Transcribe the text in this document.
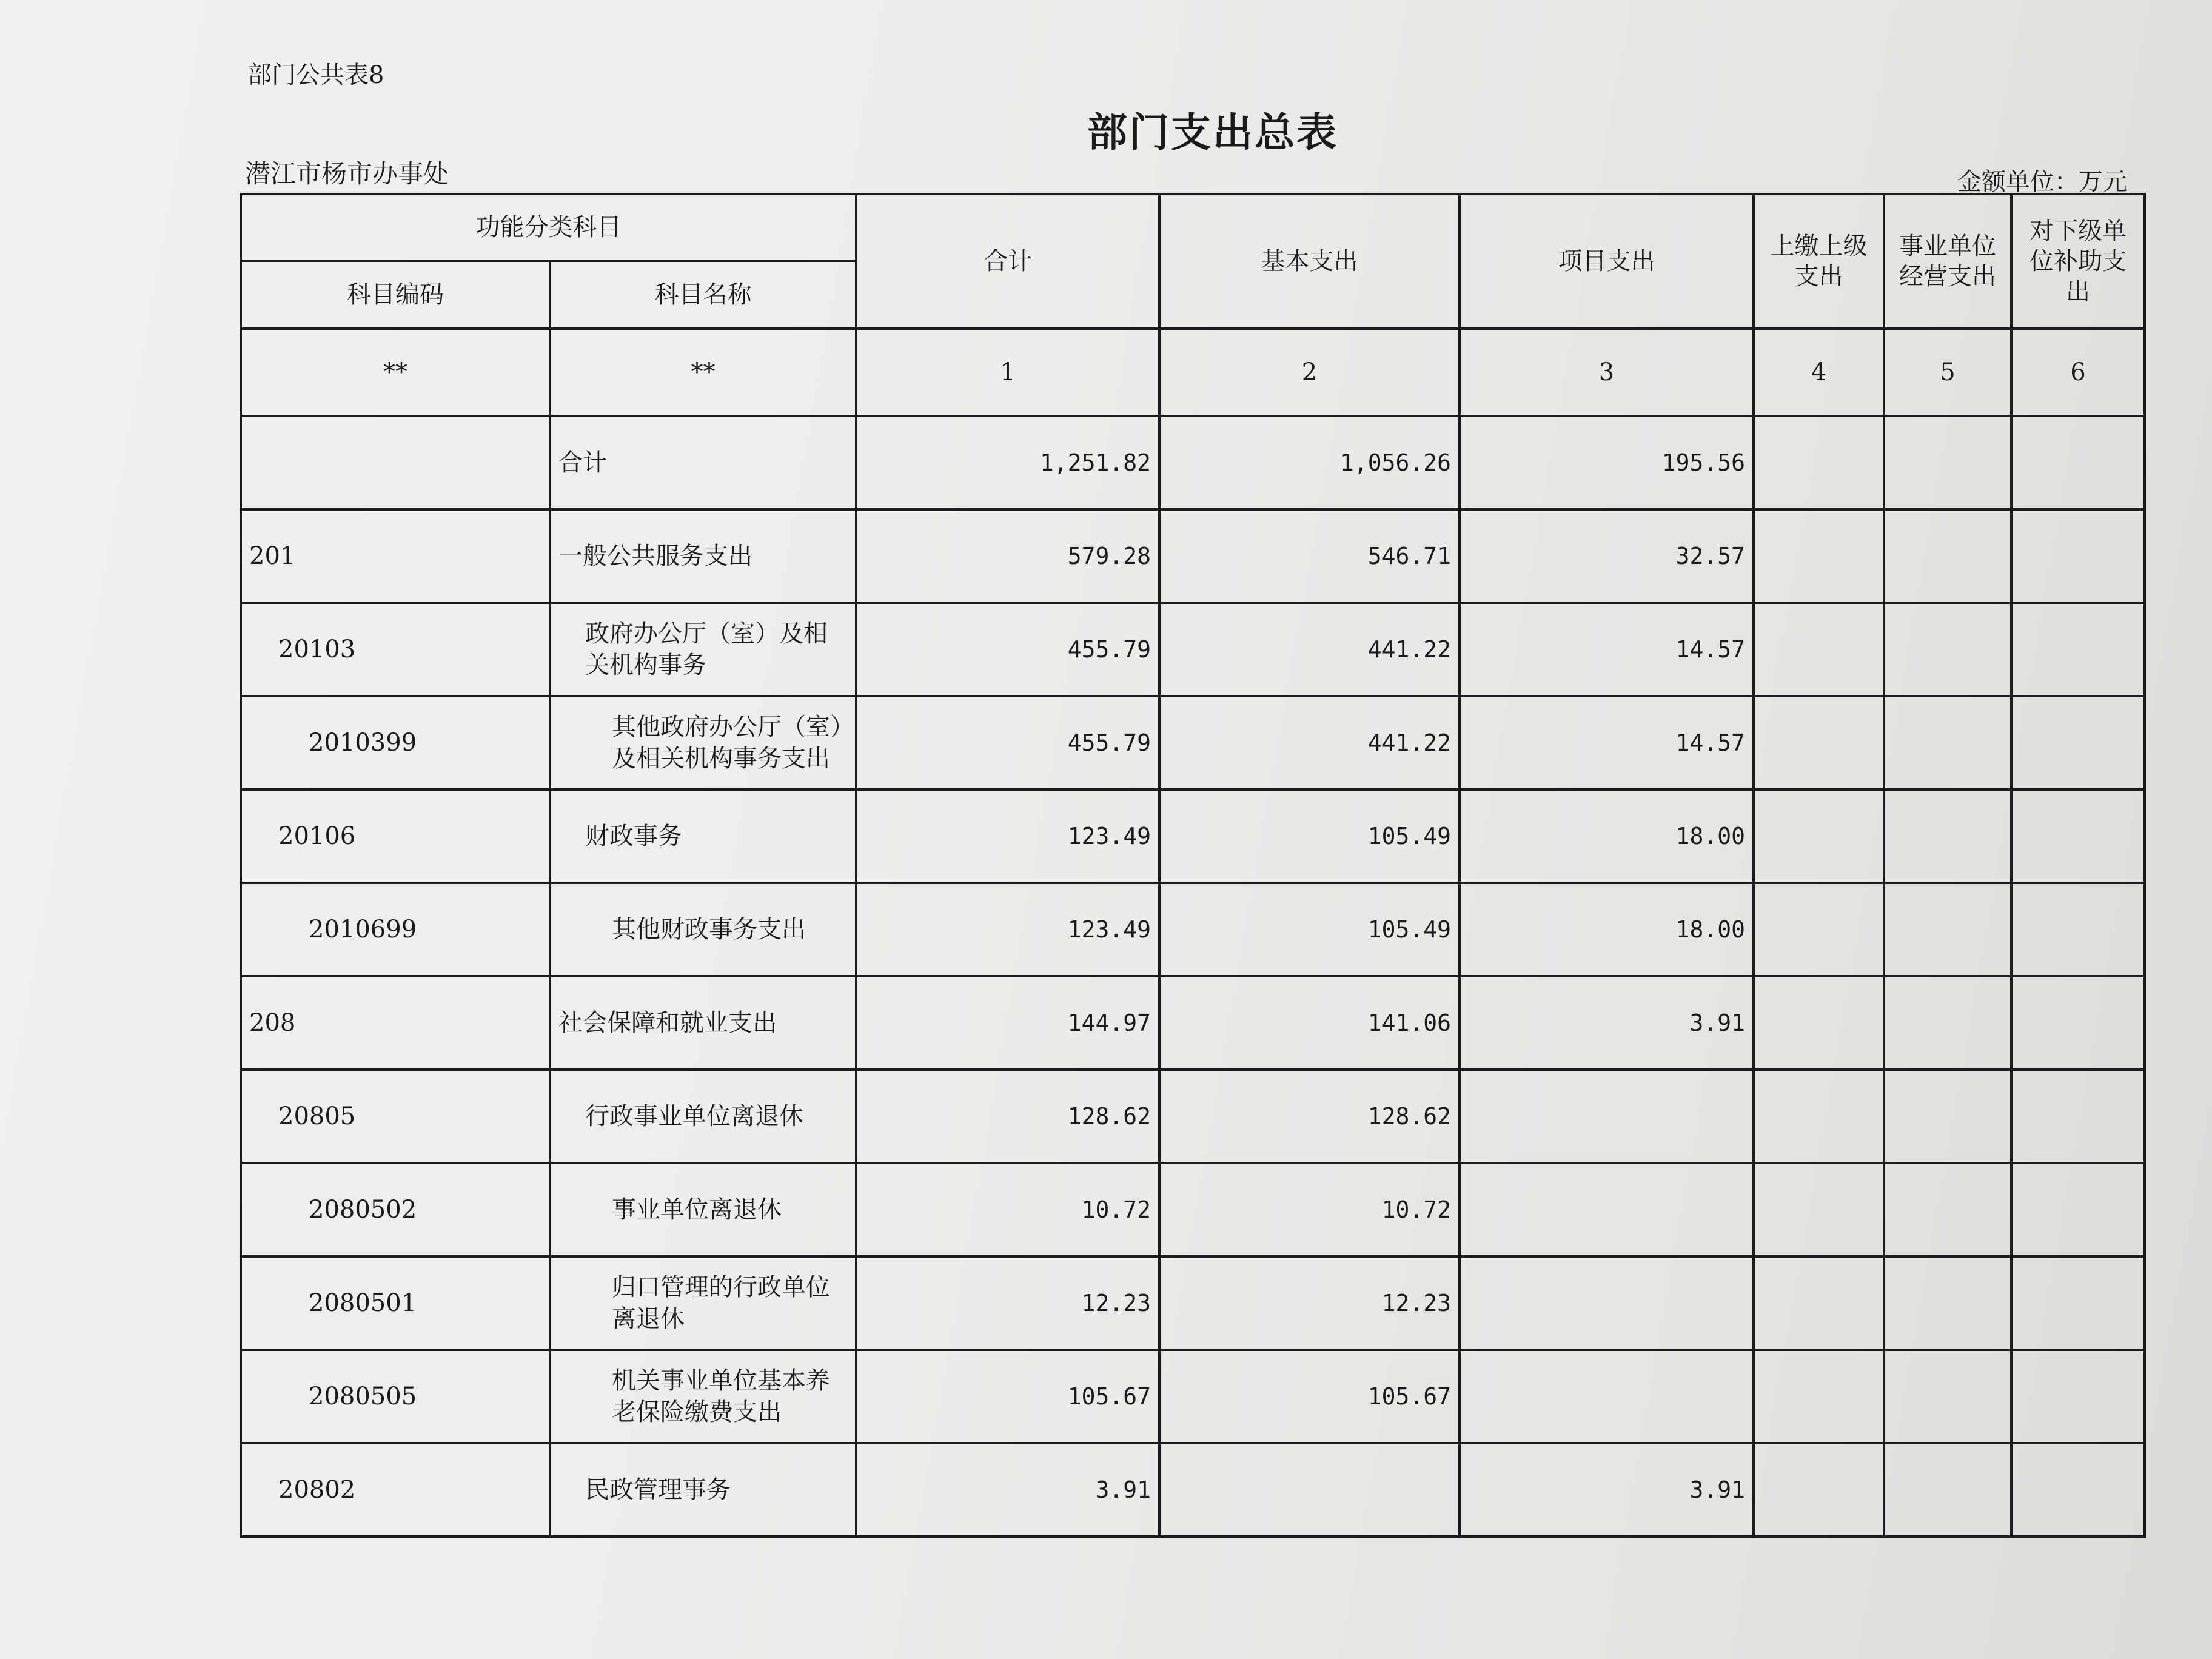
部门公共表8
部门支出总表
潜江市杨市办事处	金额单位：万元
功能分类科目		合计	基本支出	项目支出	上缴上级支出	事业单位经营支出	对下级单位补助支出
科目编码	科目名称						
**	**	1	2	3	4	5	6
	合计	1,251.82	1,056.26	195.56			
201	一般公共服务支出	579.28	546.71	32.57			
20103	政府办公厅（室）及相关机构事务	455.79	441.22	14.57			
2010399	其他政府办公厅（室）及相关机构事务支出	455.79	441.22	14.57			
20106	财政事务	123.49	105.49	18.00			
2010699	其他财政事务支出	123.49	105.49	18.00			
208	社会保障和就业支出	144.97	141.06	3.91			
20805	行政事业单位离退休	128.62	128.62				
2080502	事业单位离退休	10.72	10.72				
2080501	归口管理的行政单位离退休	12.23	12.23				
2080505	机关事业单位基本养老保险缴费支出	105.67	105.67				
20802	民政管理事务	3.91		3.91			
